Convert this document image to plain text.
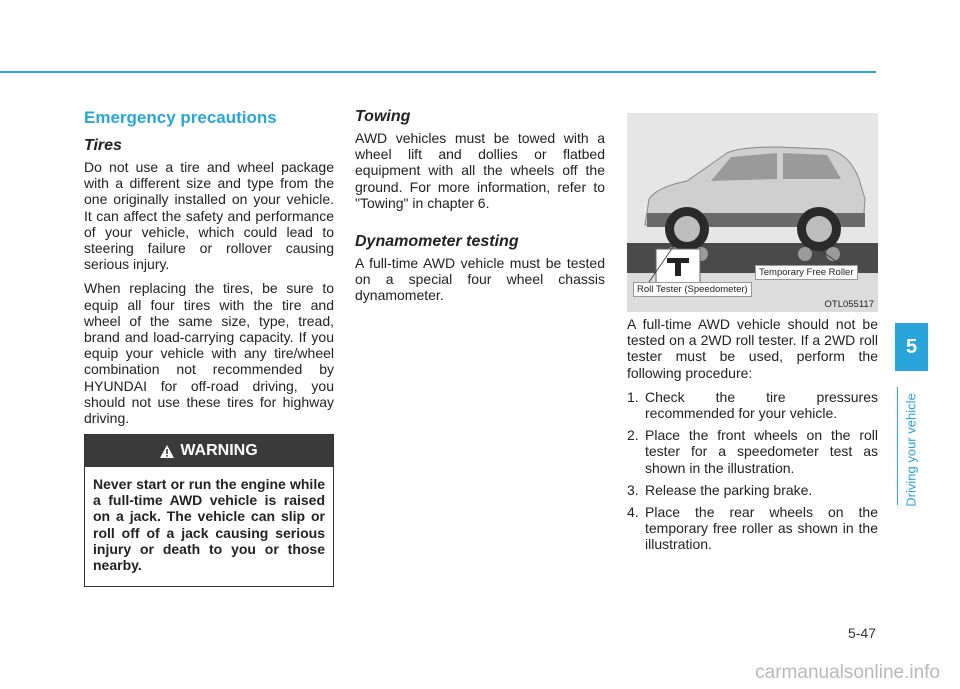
Emergency precautions
Tires

Do not use a tire and wheel package with a different size and type from the one originally installed on your vehicle. It can affect the safety and performance of your vehicle, which could lead to steering failure or rollover causing serious injury.

When replacing the tires, be sure to equip all four tires with the tire and wheel of the same size, type, tread, brand and load-carrying capacity. If you equip your vehicle with any tire/wheel combination not recommended by HYUNDAI for off-road driving, you should not use these tires for highway driving.

WARNING
Never start or run the engine while a full-time AWD vehicle is raised on a jack. The vehicle can slip or roll off of a jack causing serious injury or death to you or those nearby.
Towing

AWD vehicles must be towed with a wheel lift and dollies or flatbed equipment with all the wheels off the ground. For more information, refer to "Towing" in chapter 6.

Dynamometer testing

A full-time AWD vehicle must be tested on a special four wheel chassis dynamometer.	Roll Tester (Speedometer)
Temporary Free Roller
OTL055117

A full-time AWD vehicle should not be tested on a 2WD roll tester. If a 2WD roll tester must be used, perform the following procedure:

1. Check the tire pressures recommended for your vehicle.
2. Place the front wheels on the roll tester for a speedometer test as shown in the illustration.
3. Release the parking brake.
4. Place the rear wheels on the temporary free roller as shown in the illustration.
5
Driving your vehicle
5-47
carmanualsonline.info
